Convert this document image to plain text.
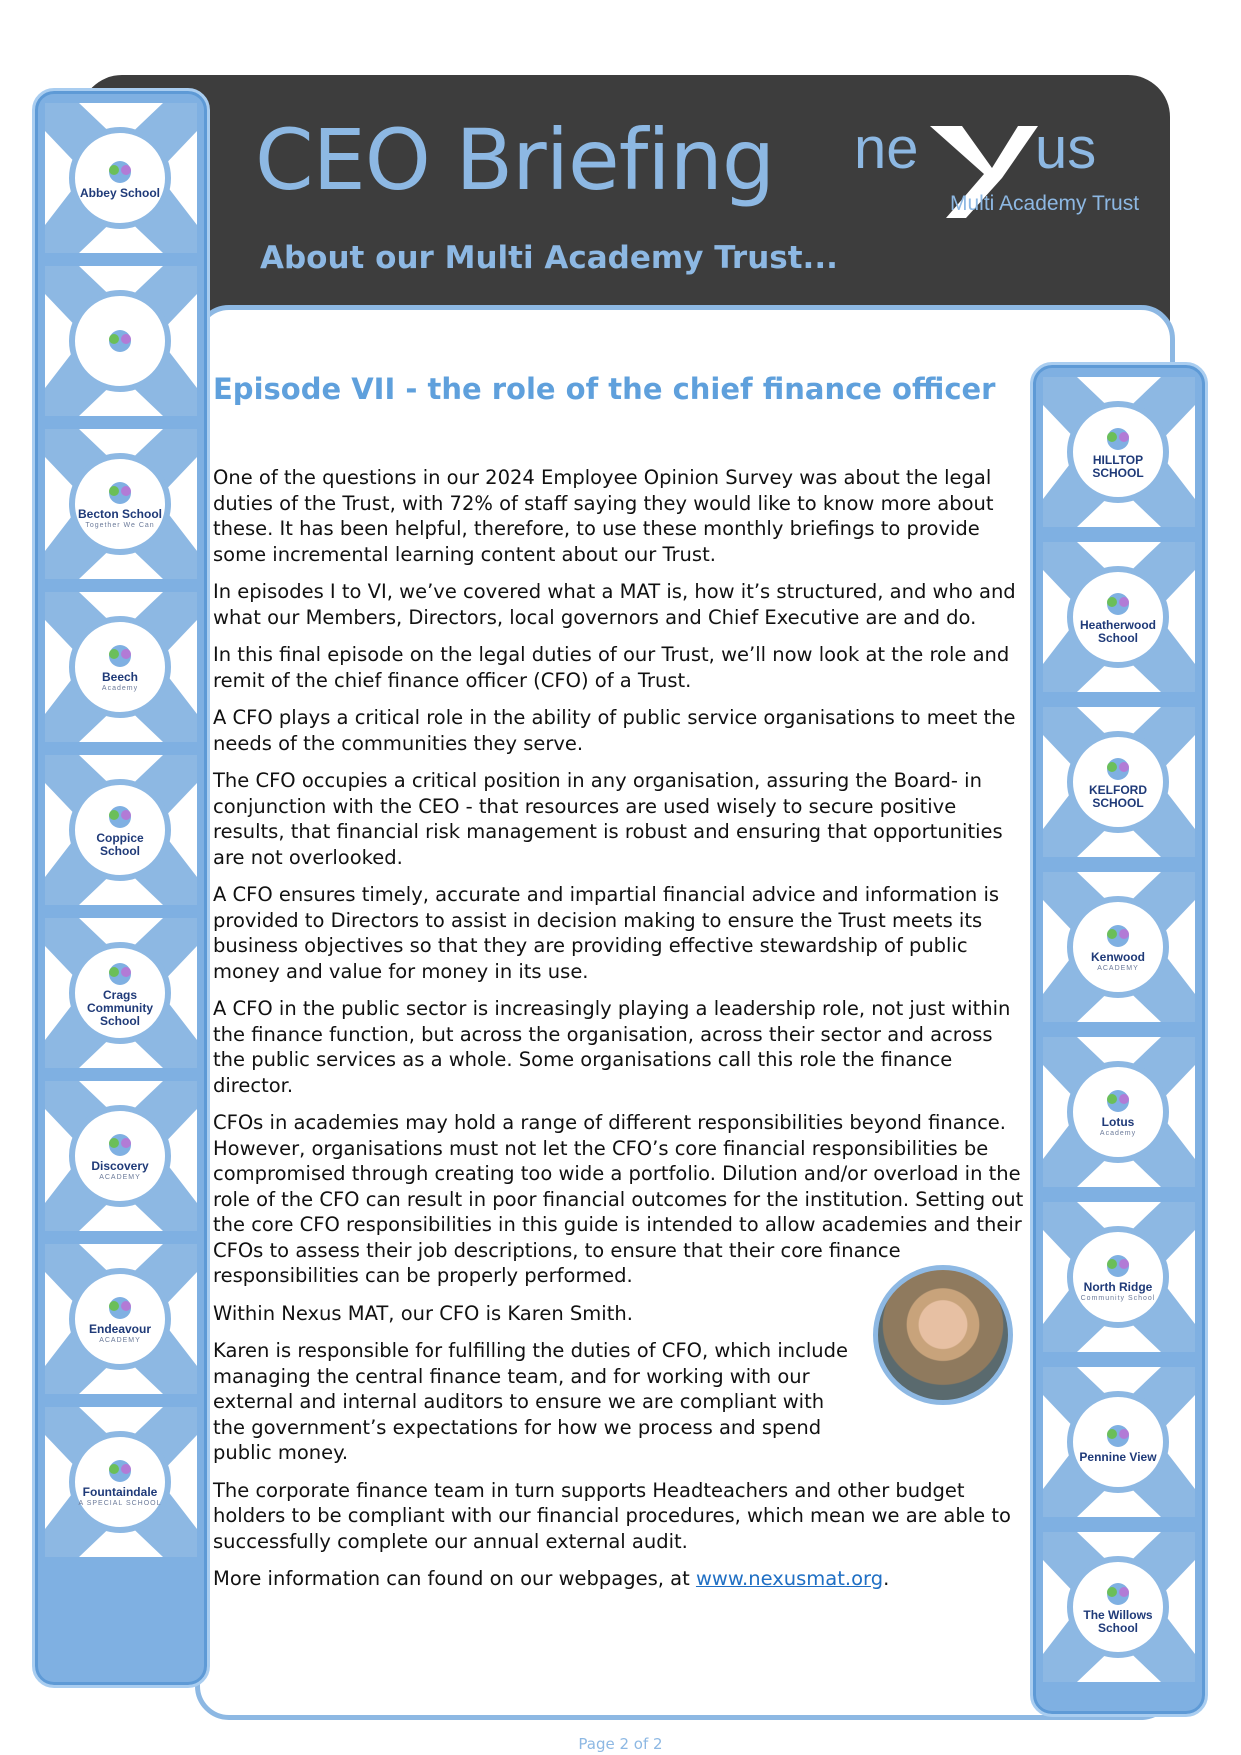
CEO Briefing
About our Multi Academy Trust...
ne us
Multi Academy Trust
Abbey School
Becton School
Together We Can
Beech
Academy
Coppice School
Crags Community School
Discovery
ACADEMY
Endeavour
ACADEMY
Fountaindale
A SPECIAL SCHOOL
HILLTOP SCHOOL
Heatherwood School
KELFORD SCHOOL
Kenwood
ACADEMY
Lotus
Academy
North Ridge
Community School
Pennine View
The Willows School
Episode VII - the role of the chief finance officer

One of the questions in our 2024 Employee Opinion Survey was about the legal duties of the Trust, with 72% of staff saying they would like to know more about these. It has been helpful, therefore, to use these monthly briefings to provide some incremental learning content about our Trust.

In episodes I to VI, we’ve covered what a MAT is, how it’s structured, and who and what our Members, Directors, local governors and Chief Executive are and do.

In this final episode on the legal duties of our Trust, we’ll now look at the role and remit of the chief finance officer (CFO) of a Trust.

A CFO plays a critical role in the ability of public service organisations to meet the needs of the communities they serve.

The CFO occupies a critical position in any organisation, assuring the Board- in conjunction with the CEO - that resources are used wisely to secure positive results, that financial risk management is robust and ensuring that opportunities are not overlooked.

A CFO ensures timely, accurate and impartial financial advice and information is provided to Directors to assist in decision making to ensure the Trust meets its business objectives so that they are providing effective stewardship of public money and value for money in its use.

A CFO in the public sector is increasingly playing a leadership role, not just within the finance function, but across the organisation, across their sector and across the public services as a whole. Some organisations call this role the finance director.

CFOs in academies may hold a range of different responsibilities beyond finance. However, organisations must not let the CFO’s core financial responsibilities be compromised through creating too wide a portfolio. Dilution and/or overload in the role of the CFO can result in poor financial outcomes for the institution. Setting out the core CFO responsibilities in this guide is intended to allow academies and their CFOs to assess their job descriptions, to ensure that their core finance responsibilities can be properly performed.

Within Nexus MAT, our CFO is Karen Smith.

Karen is responsible for fulfilling the duties of CFO, which include managing the central finance team, and for working with our external and internal auditors to ensure we are compliant with the government’s expectations for how we process and spend public money.

The corporate finance team in turn supports Headteachers and other budget holders to be compliant with our financial procedures, which mean we are able to successfully complete our annual external audit.

More information can found on our webpages, at www.nexusmat.org.

Page 2 of 2
